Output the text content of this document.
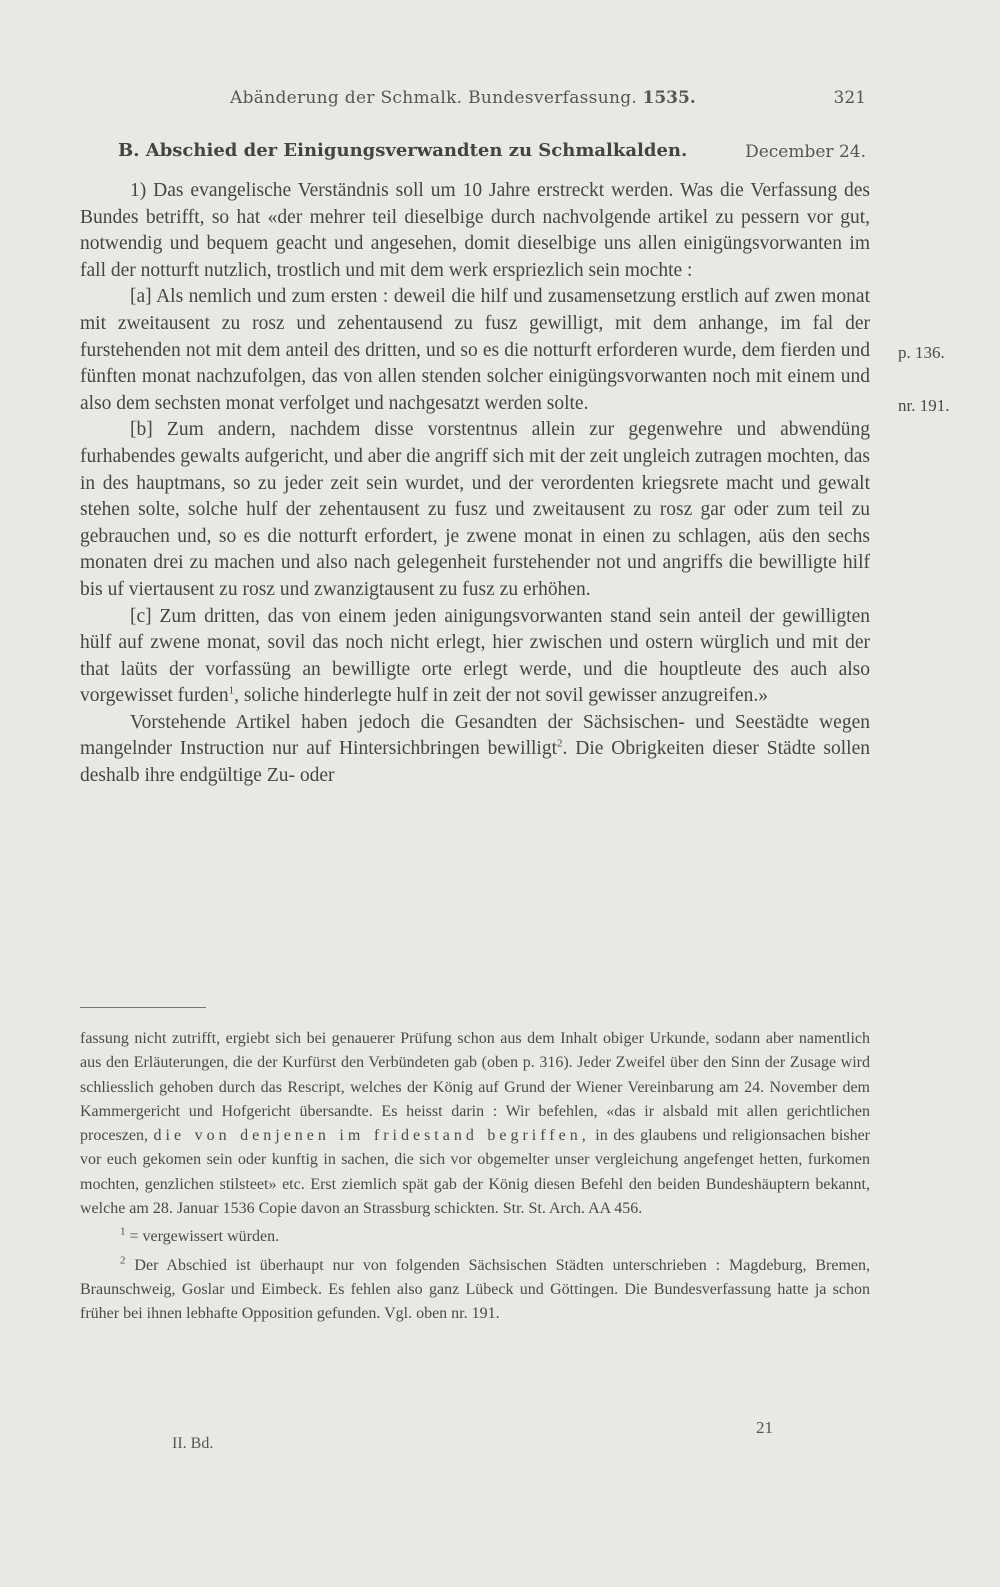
Abänderung der Schmalk. Bundesverfassung. 1535.	321
B. Abschied der Einigungsverwandten zu Schmalkalden.	December 24.

1) Das evangelische Verständnis soll um 10 Jahre erstreckt werden. Was die Verfassung des Bundes betrifft, so hat «der mehrer teil dieselbige durch nachvolgende artikel zu pessern vor gut, notwendig und bequem geacht und angesehen, domit dieselbige uns allen einigüngsvorwanten im fall der notturft nutzlich, trostlich und mit dem werk erspriezlich sein mochte :

[a] Als nemlich und zum ersten : deweil die hilf und zusamensetzung erstlich auf zwen monat mit zweitausent zu rosz und zehentausend zu fusz gewilligt, mit dem anhange, im fal der furstehenden not mit dem anteil des dritten, und so es die notturft erforderen wurde, dem fierden und fünften monat nachzufolgen, das von allen stenden solcher einigüngsvorwanten noch mit einem und also dem sechsten monat verfolget und nachgesatzt werden solte.

[b] Zum andern, nachdem disse vorstentnus allein zur gegenwehre und abwendüng furhabendes gewalts aufgericht, und aber die angriff sich mit der zeit ungleich zutragen mochten, das in des hauptmans, so zu jeder zeit sein wurdet, und der verordenten kriegsrete macht und gewalt stehen solte, solche hulf der zehentausent zu fusz und zweitausent zu rosz gar oder zum teil zu gebrauchen und, so es die notturft erfordert, je zwene monat in einen zu schlagen, aüs den sechs monaten drei zu machen und also nach gelegenheit furstehender not und angriffs die bewilligte hilf bis uf viertausent zu rosz und zwanzigtausent zu fusz zu erhöhen.

[c] Zum dritten, das von einem jeden ainigungsvorwanten stand sein anteil der gewilligten hülf auf zwene monat, sovil das noch nicht erlegt, hier zwischen und ostern würglich und mit der that laüts der vorfassüng an bewilligte orte erlegt werde, und die houptleute des auch also vorgewisset furden$^1$, soliche hinderlegte hulf in zeit der not sovil gewisser anzugreifen.»

Vorstehende Artikel haben jedoch die Gesandten der Sächsischen- und Seestädte wegen mangelnder Instruction nur auf Hintersichbringen bewilligt$^2$. Die Obrigkeiten dieser Städte sollen deshalb ihre endgültige Zu- oder

p. 136.
nr. 191.

fassung nicht zutrifft, ergiebt sich bei genauerer Prüfung schon aus dem Inhalt obiger Urkunde, sodann aber namentlich aus den Erläuterungen, die der Kurfürst den Verbündeten gab (oben p. 316). Jeder Zweifel über den Sinn der Zusage wird schliesslich gehoben durch das Rescript, welches der König auf Grund der Wiener Vereinbarung am 24. November dem Kammergericht und Hofgericht übersandte. Es heisst darin : Wir befehlen, «das ir alsbald mit allen gerichtlichen proceszen, die von denjenen im fridestand begriffen, in des glaubens und religionsachen bisher vor euch gekomen sein oder kunftig in sachen, die sich vor obgemelter unser vergleichung angefenget hetten, furkomen mochten, genzlichen stilsteet» etc. Erst ziemlich spät gab der König diesen Befehl den beiden Bundeshäuptern bekannt, welche am 28. Januar 1536 Copie davon an Strassburg schickten. Str. St. Arch. AA 456.

$^1$ = vergewissert würden.

$^2$ Der Abschied ist überhaupt nur von folgenden Sächsischen Städten unterschrieben : Magdeburg, Bremen, Braunschweig, Goslar und Eimbeck. Es fehlen also ganz Lübeck und Göttingen. Die Bundesverfassung hatte ja schon früher bei ihnen lebhafte Opposition gefunden. Vgl. oben nr. 191.

II. Bd.
21
